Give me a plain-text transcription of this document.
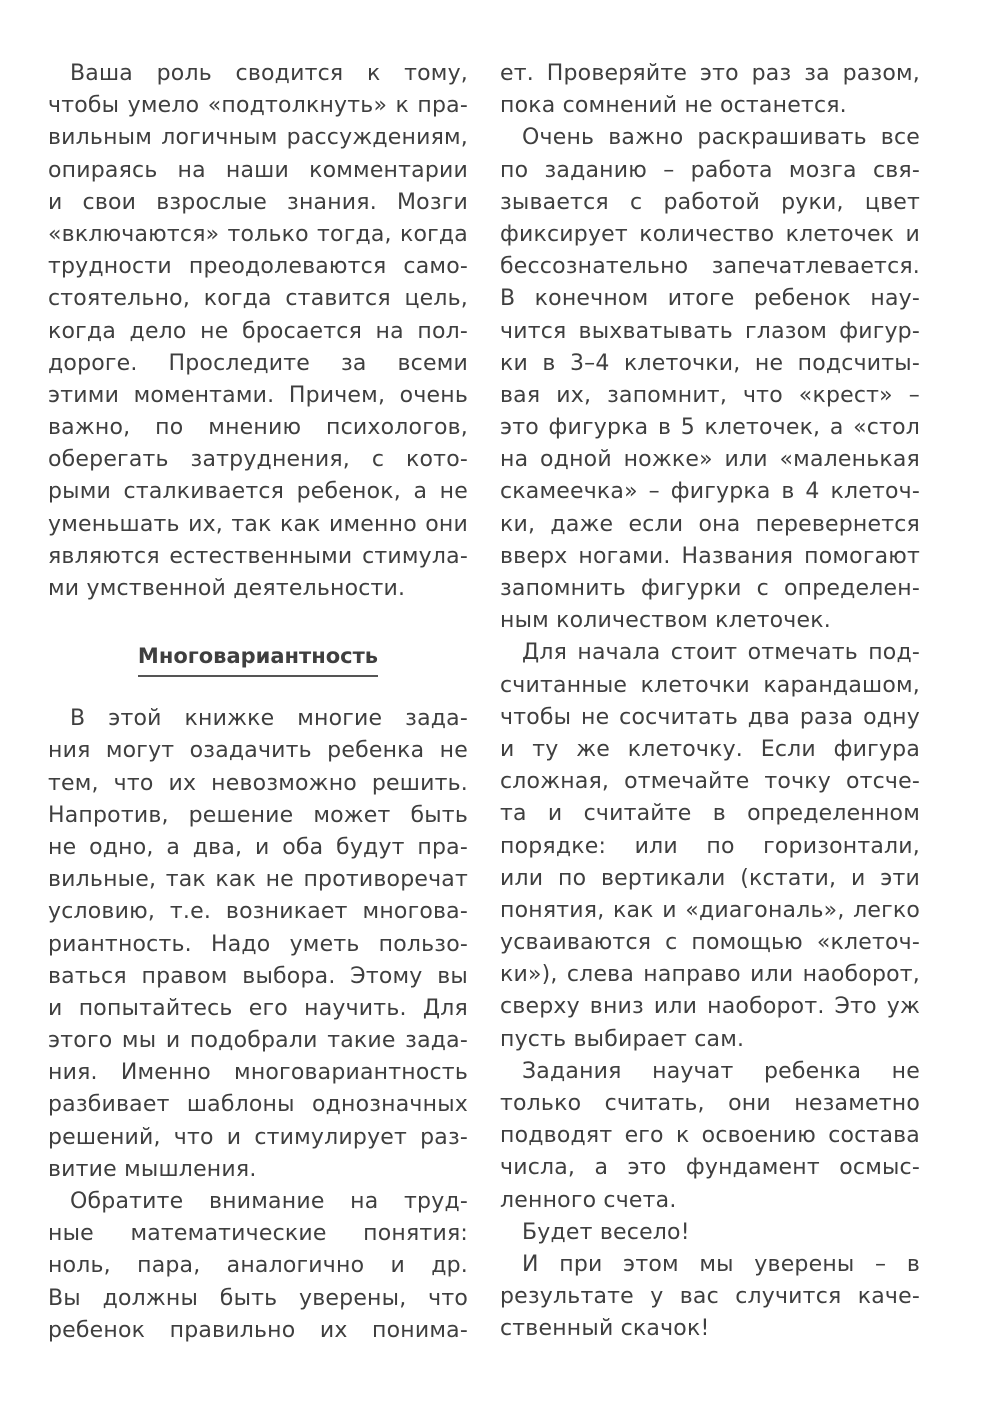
Ваша роль сводится к тому,
чтобы умело «подтолкнуть» к пра-
вильным логичным рассуждениям,
опираясь на наши комментарии
и свои взрослые знания. Мозги
«включаются» только тогда, когда
трудности преодолеваются само-
стоятельно, когда ставится цель,
когда дело не бросается на пол-
дороге. Проследите за всеми
этими моментами. Причем, очень
важно, по мнению психологов,
оберегать затруднения, с кото-
рыми сталкивается ребенок, а не
уменьшать их, так как именно они
являются естественными стимула-
ми умственной деятельности.
Многовариантность
В этой книжке многие зада-
ния могут озадачить ребенка не
тем, что их невозможно решить.
Напротив, решение может быть
не одно, а два, и оба будут пра-
вильные, так как не противоречат
условию, т.е. возникает многова-
риантность. Надо уметь пользо-
ваться правом выбора. Этому вы
и попытайтесь его научить. Для
этого мы и подобрали такие зада-
ния. Именно многовариантность
разбивает шаблоны однозначных
решений, что и стимулирует раз-
витие мышления.
Обратите внимание на труд-
ные математические понятия:
ноль, пара, аналогично и др.
Вы должны быть уверены, что
ребенок правильно их понима-
ет. Проверяйте это раз за разом,
пока сомнений не останется.
Очень важно раскрашивать все
по заданию – работа мозга свя-
зывается с работой руки, цвет
фиксирует количество клеточек и
бессознательно запечатлевается.
В конечном итоге ребенок нау-
чится выхватывать глазом фигур-
ки в 3–4 клеточки, не подсчиты-
вая их, запомнит, что «крест» –
это фигурка в 5 клеточек, а «стол
на одной ножке» или «маленькая
скамеечка» – фигурка в 4 клеточ-
ки, даже если она перевернется
вверх ногами. Названия помогают
запомнить фигурки с определен-
ным количеством клеточек.
Для начала стоит отмечать под-
считанные клеточки карандашом,
чтобы не сосчитать два раза одну
и ту же клеточку. Если фигура
сложная, отмечайте точку отсче-
та и считайте в определенном
порядке: или по горизонтали,
или по вертикали (кстати, и эти
понятия, как и «диагональ», легко
усваиваются с помощью «клеточ-
ки»), слева направо или наоборот,
сверху вниз или наоборот. Это уж
пусть выбирает сам.
Задания научат ребенка не
только считать, они незаметно
подводят его к освоению состава
числа, а это фундамент осмыс-
ленного счета.
Будет весело!
И при этом мы уверены – в
результате у вас случится каче-
ственный скачок!
